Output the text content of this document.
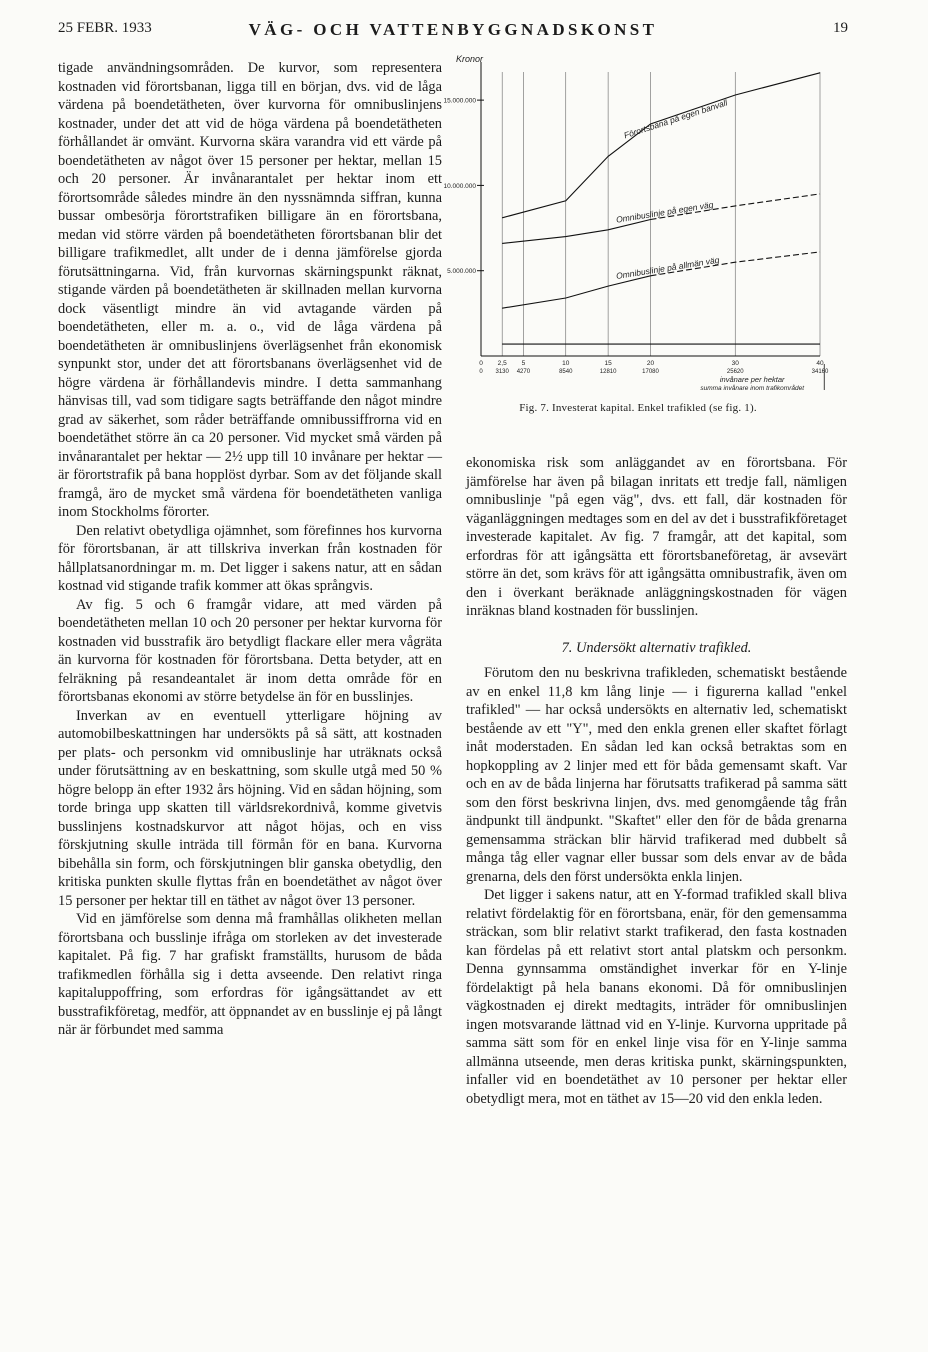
25 FEBR. 1933	VÄG- OCH VATTENBYGGNADSKONST	19

tigade användningsområden. De kurvor, som representera kostnaden vid förortsbanan, ligga till en början, dvs. vid de låga värdena på boendetätheten, över kurvorna för omnibuslinjens kostnader, under det att vid de höga värdena på boendetätheten förhållandet är omvänt. Kurvorna skära varandra vid ett värde på boendetätheten av något över 15 personer per hektar, mellan 15 och 20 personer. Är invånarantalet per hektar inom ett förortsområde således mindre än den nyssnämnda siffran, kunna bussar ombesörja förortstrafiken billigare än en förortsbana, medan vid större värden på boendetätheten förortsbanan blir det billigare trafikmedlet, allt under de i denna jämförelse gjorda förutsättningarna. Vid, från kurvornas skärningspunkt räknat, stigande värden på boendetätheten är skillnaden mellan kurvorna dock väsentligt mindre än vid avtagande värden på boendetätheten, eller m. a. o., vid de låga värdena på boendetätheten är omnibuslinjens överlägsenhet från ekonomisk synpunkt stor, under det att förortsbanans överlägsenhet vid de högre värdena är förhållandevis mindre. I detta sammanhang hänvisas till, vad som tidigare sagts beträffande den något mindre grad av säkerhet, som råder beträffande omnibussiffrorna vid en boendetäthet större än ca 20 personer. Vid mycket små värden på invånarantalet per hektar — 2½ upp till 10 invånare per hektar — är förortstrafik på bana hopplöst dyrbar. Som av det följande skall framgå, äro de mycket små värdena för boendetätheten vanliga inom Stockholms förorter.

Den relativt obetydliga ojämnhet, som förefinnes hos kurvorna för förortsbanan, är att tillskriva inverkan från kostnaden för hållplatsanordningar m. m. Det ligger i sakens natur, att en sådan kostnad vid stigande trafik kommer att ökas språngvis.

Av fig. 5 och 6 framgår vidare, att med värden på boendetätheten mellan 10 och 20 personer per hektar kurvorna för kostnaden vid busstrafik äro betydligt flackare eller mera vågräta än kurvorna för kostnaden för förortsbana. Detta betyder, att en felräkning på resandeantalet är inom detta område för en förortsbanas ekonomi av större betydelse än för en busslinjes.

Inverkan av en eventuell ytterligare höjning av automobilbeskattningen har undersökts på så sätt, att kostnaden per plats- och personkm vid omnibuslinje har uträknats också under förutsättning av en beskattning, som skulle utgå med 50 % högre belopp än efter 1932 års höjning. Vid en sådan höjning, som torde bringa upp skatten till världsrekordnivå, komme givetvis busslinjens kostnadskurvor att något höjas, och en viss förskjutning skulle inträda till förmån för en bana. Kurvorna bibehålla sin form, och förskjutningen blir ganska obetydlig, den kritiska punkten skulle flyttas från en boendetäthet av något över 15 personer per hektar till en täthet av något över 13 personer.

Vid en jämförelse som denna må framhållas olikheten mellan förortsbana och busslinje ifråga om storleken av det investerade kapitalet. På fig. 7 har grafiskt framställts, hurusom de båda trafikmedlen förhålla sig i detta avseende. Den relativt ringa kapitaluppoffring, som erfordras för igångsättandet av ett busstrafikföretag, medför, att öppnandet av en busslinje ej på långt när är förbundet med samma

Kronor
5.000.000
10.000.000
15.000.000
0 2,5 5	10	15	20	30	40
0 3130 4270	8540	12810	17080	25620	34160
invånare per hektar
summa invånare inom trafikområdet
Förortsbana på egen banvall
Omnibuslinje på egen väg
Omnibuslinje på allmän väg
Fig. 7. Investerat kapital. Enkel trafikled (se fig. 1).

ekonomiska risk som anläggandet av en förortsbana. För jämförelse har även på bilagan inritats ett tredje fall, nämligen omnibuslinje "på egen väg", dvs. ett fall, där kostnaden för väganläggningen medtages som en del av det i busstrafikföretaget investerade kapitalet. Av fig. 7 framgår, att det kapital, som erfordras för att igångsätta ett förortsbaneföretag, är avsevärt större än det, som krävs för att igångsätta omnibustrafik, även om den i överkant beräknade anläggningskostnaden för vägen inräknas bland kostnaden för busslinjen.

7. Undersökt alternativ trafikled.

Förutom den nu beskrivna trafikleden, schematiskt bestående av en enkel 11,8 km lång linje — i figurerna kallad "enkel trafikled" — har också undersökts en alternativ led, schematiskt bestående av ett "Y", med den enkla grenen eller skaftet förlagt inåt moderstaden. En sådan led kan också betraktas som en hopkoppling av 2 linjer med ett för båda gemensamt skaft. Var och en av de båda linjerna har förutsatts trafikerad på samma sätt som den först beskrivna linjen, dvs. med genomgående tåg från ändpunkt till ändpunkt. "Skaftet" eller den för de båda grenarna gemensamma sträckan blir härvid trafikerad med dubbelt så många tåg eller vagnar eller bussar som dels envar av de båda grenarna, dels den först undersökta enkla linjen.

Det ligger i sakens natur, att en Y-formad trafikled skall bliva relativt fördelaktig för en förortsbana, enär, för den gemensamma sträckan, som blir relativt starkt trafikerad, den fasta kostnaden kan fördelas på ett relativt stort antal platskm och personkm. Denna gynnsamma omständighet inverkar för en Y-linje fördelaktigt på hela banans ekonomi. Då för omnibuslinjen vägkostnaden ej direkt medtagits, inträder för omnibuslinjen ingen motsvarande lättnad vid en Y-linje. Kurvorna uppritade på samma sätt som för en enkel linje visa för en Y-linje samma allmänna utseende, men deras kritiska punkt, skärningspunkten, infaller vid en boendetäthet av 10 personer per hektar eller obetydligt mera, mot en täthet av 15—20 vid den enkla leden.
